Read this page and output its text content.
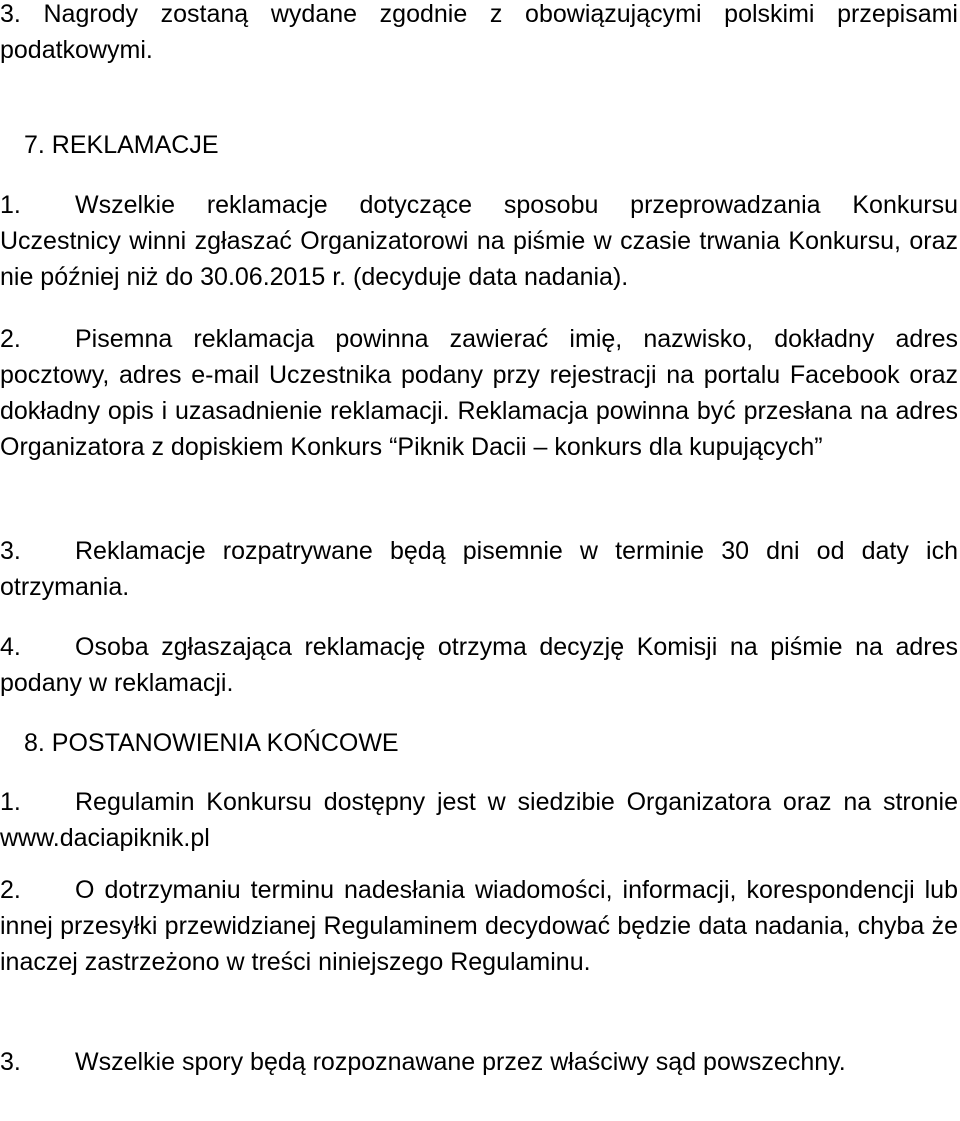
3. Nagrody zostaną wydane zgodnie z obowiązującymi polskimi przepisami podatkowymi.

7. REKLAMACJE

1. Wszelkie reklamacje dotyczące sposobu przeprowadzania Konkursu Uczestnicy winni zgłaszać Organizatorowi na piśmie w czasie trwania Konkursu, oraz nie później niż do 30.06.2015 r. (decyduje data nadania).

2. Pisemna reklamacja powinna zawierać imię, nazwisko, dokładny adres pocztowy, adres e-mail Uczestnika podany przy rejestracji na portalu Facebook oraz dokładny opis i uzasadnienie reklamacji. Reklamacja powinna być przesłana na adres Organizatora z dopiskiem Konkurs “Piknik Dacii – konkurs dla kupujących”

3. Reklamacje rozpatrywane będą pisemnie w terminie 30 dni od daty ich otrzymania.

4. Osoba zgłaszająca reklamację otrzyma decyzję Komisji na piśmie na adres podany w reklamacji.

8. POSTANOWIENIA KOŃCOWE

1. Regulamin Konkursu dostępny jest w siedzibie Organizatora oraz na stronie www.daciapiknik.pl

2. O dotrzymaniu terminu nadesłania wiadomości, informacji, korespondencji lub innej przesyłki przewidzianej Regulaminem decydować będzie data nadania, chyba że inaczej zastrzeżono w treści niniejszego Regulaminu.

3. Wszelkie spory będą rozpoznawane przez właściwy sąd powszechny.
